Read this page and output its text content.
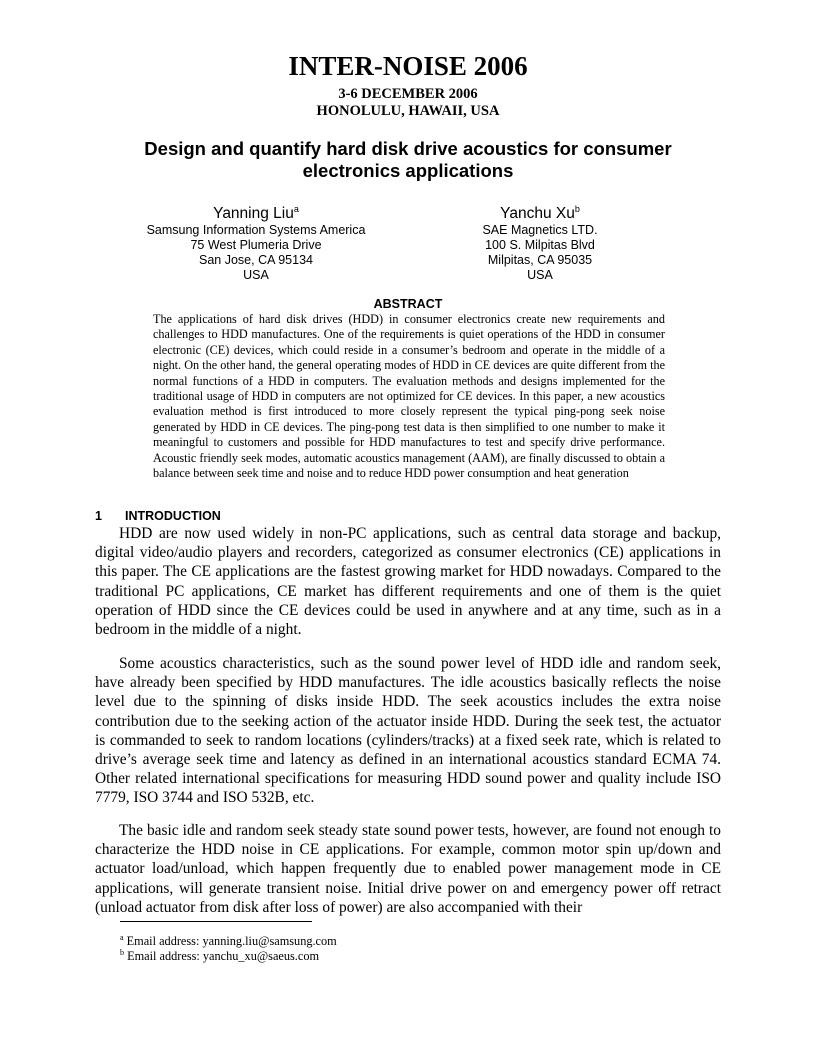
INTER-NOISE 2006
3-6 DECEMBER 2006
HONOLULU, HAWAII, USA
Design and quantify hard disk drive acoustics for consumer
electronics applications
Yanning Liu$^a$
Samsung Information Systems America
75 West Plumeria Drive
San Jose, CA 95134
USA
Yanchu Xu$^b$
SAE Magnetics LTD.
100 S. Milpitas Blvd
Milpitas, CA 95035
USA
ABSTRACT
The applications of hard disk drives (HDD) in consumer electronics create new requirements and challenges to HDD manufactures. One of the requirements is quiet operations of the HDD in consumer electronic (CE) devices, which could reside in a consumer’s bedroom and operate in the middle of a night. On the other hand, the general operating modes of HDD in CE devices are quite different from the normal functions of a HDD in computers. The evaluation methods and designs implemented for the traditional usage of HDD in computers are not optimized for CE devices. In this paper, a new acoustics evaluation method is first introduced to more closely represent the typical ping-pong seek noise generated by HDD in CE devices. The ping-pong test data is then simplified to one number to make it meaningful to customers and possible for HDD manufactures to test and specify drive performance. Acoustic friendly seek modes, automatic acoustics management (AAM), are finally discussed to obtain a balance between seek time and noise and to reduce HDD power consumption and heat generation
1 INTRODUCTION

HDD are now used widely in non-PC applications, such as central data storage and backup, digital video/audio players and recorders, categorized as consumer electronics (CE) applications in this paper. The CE applications are the fastest growing market for HDD nowadays. Compared to the traditional PC applications, CE market has different requirements and one of them is the quiet operation of HDD since the CE devices could be used in anywhere and at any time, such as in a bedroom in the middle of a night.

Some acoustics characteristics, such as the sound power level of HDD idle and random seek, have already been specified by HDD manufactures. The idle acoustics basically reflects the noise level due to the spinning of disks inside HDD. The seek acoustics includes the extra noise contribution due to the seeking action of the actuator inside HDD. During the seek test, the actuator is commanded to seek to random locations (cylinders/tracks) at a fixed seek rate, which is related to drive’s average seek time and latency as defined in an international acoustics standard ECMA 74. Other related international specifications for measuring HDD sound power and quality include ISO 7779, ISO 3744 and ISO 532B, etc.

The basic idle and random seek steady state sound power tests, however, are found not enough to characterize the HDD noise in CE applications. For example, common motor spin up/down and actuator load/unload, which happen frequently due to enabled power management mode in CE applications, will generate transient noise. Initial drive power on and emergency power off retract (unload actuator from disk after loss of power) are also accompanied with their

$^a$ Email address: yanning.liu@samsung.com
$^b$ Email address: yanchu_xu@saeus.com
